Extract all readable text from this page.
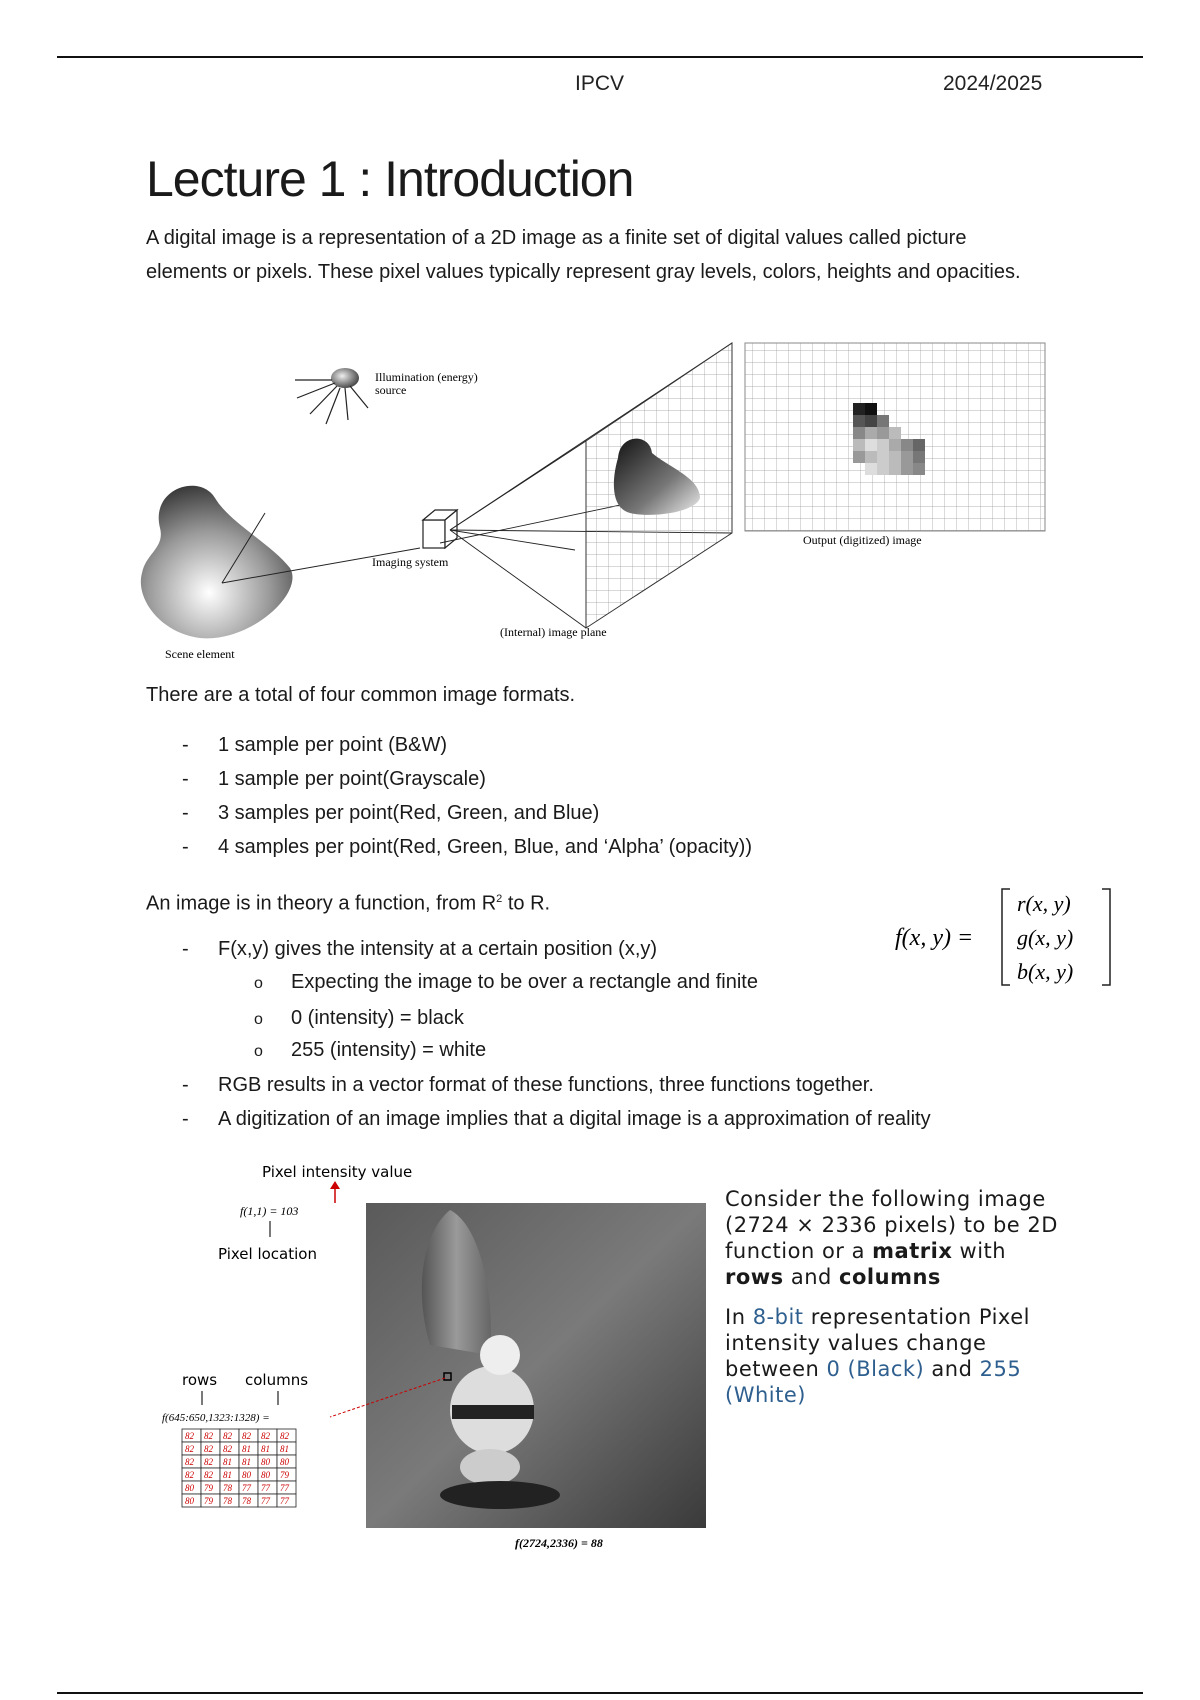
IPCV	2024/2025
Lecture 1 : Introduction
A digital image is a representation of a 2D image as a finite set of digital values called picture elements or pixels. These pixel values typically represent gray levels, colors, heights and opacities.
Illumination (energy)
source
Scene element
Imaging system
(Internal) image plane
Output (digitized) image
There are a total of four common image formats.
- 1 sample per point (B&W)
- 1 sample per point(Grayscale)
- 3 samples per point(Red, Green, and Blue)
- 4 samples per point(Red, Green, Blue, and ‘Alpha’ (opacity))
An image is in theory a function, from $R^2$ to R.
- F(x,y) gives the intensity at a certain position (x,y)
o Expecting the image to be over a rectangle and finite
o 0 (intensity) = black
o 255 (intensity) = white
- RGB results in a vector format of these functions, three functions together.
- A digitization of an image implies that a digital image is a approximation of reality
f(x, y) =
r(x, y)
g(x, y)
b(x, y)
Pixel intensity value
f(1,1) = 103
Pixel location
rows columns
f(645:650,1323:1328) =
82 82 82 82 82 82
82 82 82 81 81 81
82 82 81 81 80 80
82 82 81 80 80 79
80 79 78 77 77 77
80 79 78 78 77 77
f(2724,2336) = 88
Consider the following image (2724 × 2336 pixels) to be 2D function or a matrix with rows and columns
In 8-bit representation Pixel intensity values change between 0 (Black) and 255 (White)
